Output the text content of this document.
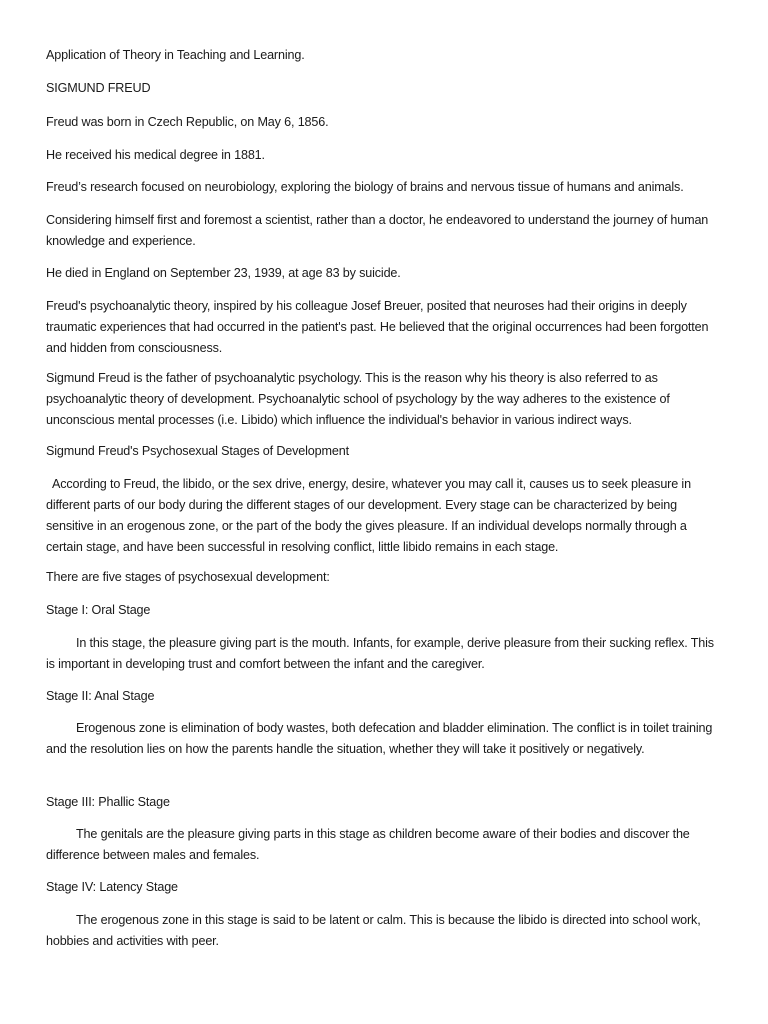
Application of Theory in Teaching and Learning.

SIGMUND FREUD

Freud was born in Czech Republic, on May 6, 1856.

He received his medical degree in 1881.

Freud’s research focused on neurobiology, exploring the biology of brains and nervous tissue of humans and animals.

Considering himself first and foremost a scientist, rather than a doctor, he endeavored to understand the journey of human knowledge and experience.

He died in England on September 23, 1939, at age 83 by suicide.

Freud's psychoanalytic theory, inspired by his colleague Josef Breuer, posited that neuroses had their origins in deeply traumatic experiences that had occurred in the patient's past. He believed that the original occurrences had been forgotten and hidden from consciousness.

Sigmund Freud is the father of psychoanalytic psychology. This is the reason why his theory is also referred to as psychoanalytic theory of development. Psychoanalytic school of psychology by the way adheres to the existence of unconscious mental processes (i.e. Libido) which influence the individual's behavior in various indirect ways.

Sigmund Freud's Psychosexual Stages of Development

According to Freud, the libido, or the sex drive, energy, desire, whatever you may call it, causes us to seek pleasure in different parts of our body during the different stages of our development. Every stage can be characterized by being sensitive in an erogenous zone, or the part of the body the gives pleasure. If an individual develops normally through a certain stage, and have been successful in resolving conflict, little libido remains in each stage.

There are five stages of psychosexual development:

Stage I: Oral Stage

In this stage, the pleasure giving part is the mouth. Infants, for example, derive pleasure from their sucking reflex. This is important in developing trust and comfort between the infant and the caregiver.

Stage II: Anal Stage

Erogenous zone is elimination of body wastes, both defecation and bladder elimination. The conflict is in toilet training and the resolution lies on how the parents handle the situation, whether they will take it positively or negatively.

Stage III: Phallic Stage

The genitals are the pleasure giving parts in this stage as children become aware of their bodies and discover the difference between males and females.

Stage IV: Latency Stage

The erogenous zone in this stage is said to be latent or calm. This is because the libido is directed into school work, hobbies and activities with peer.
